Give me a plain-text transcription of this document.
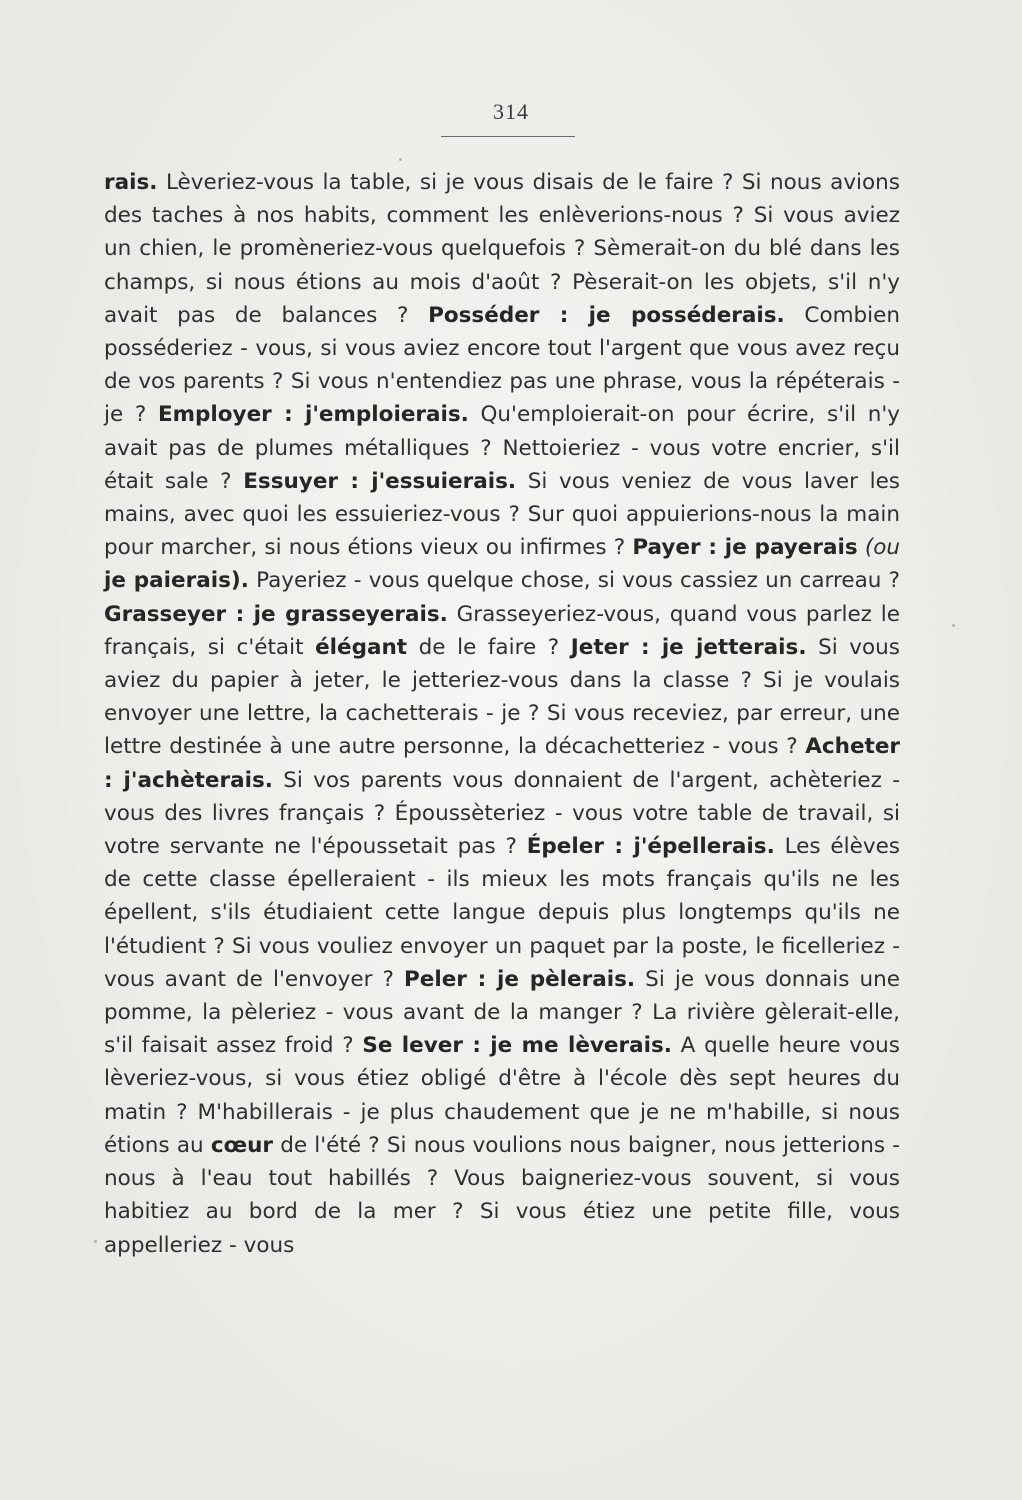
314

rais. Lèveriez-vous la table, si je vous disais de le faire ? Si nous avions des taches à nos habits, comment les enlèverions-nous ? Si vous aviez un chien, le promèneriez-vous quelquefois ? Sèmerait-on du blé dans les champs, si nous étions au mois d'août ? Pèserait-on les objets, s'il n'y avait pas de balances ? Posséder : je posséderais. Combien posséderiez - vous, si vous aviez encore tout l'argent que vous avez reçu de vos parents ? Si vous n'entendiez pas une phrase, vous la répéterais - je ? Employer : j'emploierais. Qu'emploierait-on pour écrire, s'il n'y avait pas de plumes métalliques ? Nettoieriez - vous votre encrier, s'il était sale ? Essuyer : j'essuierais. Si vous veniez de vous laver les mains, avec quoi les essuieriez-vous ? Sur quoi appuierions-nous la main pour marcher, si nous étions vieux ou infirmes ? Payer : je payerais (ou je paierais). Payeriez - vous quelque chose, si vous cassiez un carreau ? Grasseyer : je grasseyerais. Grasseyeriez-vous, quand vous parlez le français, si c'était élégant de le faire ? Jeter : je jetterais. Si vous aviez du papier à jeter, le jetteriez-vous dans la classe ? Si je voulais envoyer une lettre, la cachetterais - je ? Si vous receviez, par erreur, une lettre destinée à une autre personne, la décachetteriez - vous ? Acheter : j'achèterais. Si vos parents vous donnaient de l'argent, achèteriez - vous des livres français ? Époussèteriez - vous votre table de travail, si votre servante ne l'époussetait pas ? Épeler : j'épellerais. Les élèves de cette classe épelleraient - ils mieux les mots français qu'ils ne les épellent, s'ils étudiaient cette langue depuis plus longtemps qu'ils ne l'étudient ? Si vous vouliez envoyer un paquet par la poste, le ficelleriez - vous avant de l'envoyer ? Peler : je pèlerais. Si je vous donnais une pomme, la pèleriez - vous avant de la manger ? La rivière gèlerait-elle, s'il faisait assez froid ? Se lever : je me lèverais. A quelle heure vous lèveriez-vous, si vous étiez obligé d'être à l'école dès sept heures du matin ? M'habillerais - je plus chaudement que je ne m'habille, si nous étions au cœur de l'été ? Si nous voulions nous baigner, nous jetterions - nous à l'eau tout habillés ? Vous baigneriez-vous souvent, si vous habitiez au bord de la mer ? Si vous étiez une petite fille, vous appelleriez - vous
